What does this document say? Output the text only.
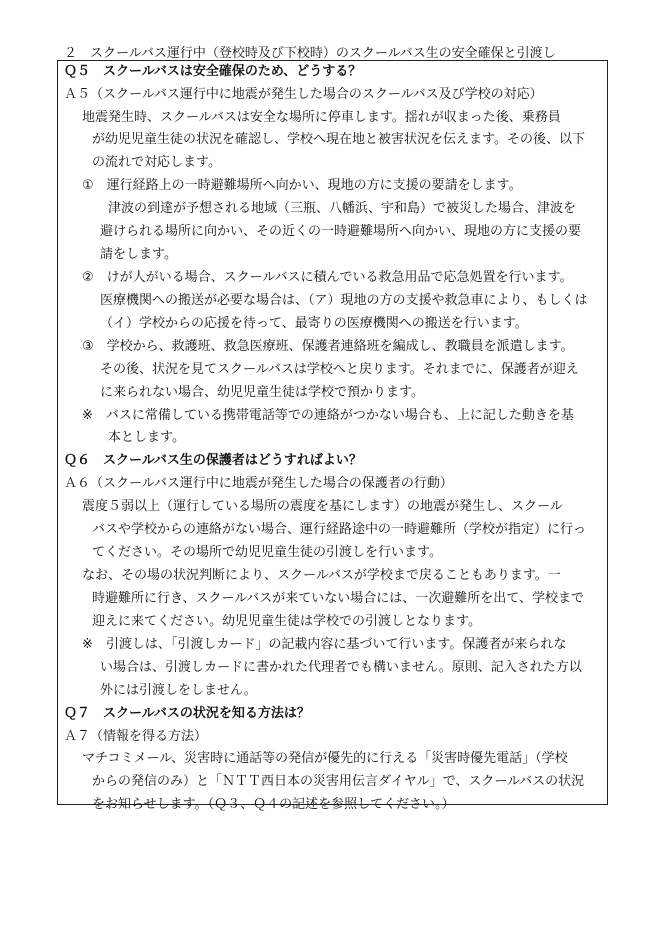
２　スクールバス運行中（登校時及び下校時）のスクールバス生の安全確保と引渡し
Ｑ５　スクールバスは安全確保のため、どうする？
Ａ５（スクールバス運行中に地震が発生した場合のスクールバス及び学校の対応）
地震発生時、スクールバスは安全な場所に停車します。揺れが収まった後、乗務員
が幼児児童生徒の状況を確認し、学校へ現在地と被害状況を伝えます。その後、以下
の流れで対応します。
①　運行経路上の一時避難場所へ向かい、現地の方に支援の要請をします。
津波の到達が予想される地域（三瓶、八幡浜、宇和島）で被災した場合、津波を
避けられる場所に向かい、その近くの一時避難場所へ向かい、現地の方に支援の要
請をします。
②　けが人がいる場合、スクールバスに積んでいる救急用品で応急処置を行います。
医療機関への搬送が必要な場合は、（ア）現地の方の支援や救急車により、もしくは
（イ）学校からの応援を待って、最寄りの医療機関への搬送を行います。
③　学校から、救護班、救急医療班、保護者連絡班を編成し、教職員を派遣します。
その後、状況を見てスクールバスは学校へと戻ります。それまでに、保護者が迎え
に来られない場合、幼児児童生徒は学校で預かります。
※　バスに常備している携帯電話等での連絡がつかない場合も、上に記した動きを基
本とします。
Ｑ６　スクールバス生の保護者はどうすればよい？
Ａ６（スクールバス運行中に地震が発生した場合の保護者の行動）
震度５弱以上（運行している場所の震度を基にします）の地震が発生し、スクール
バスや学校からの連絡がない場合、運行経路途中の一時避難所（学校が指定）に行っ
てください。その場所で幼児児童生徒の引渡しを行います。
なお、その場の状況判断により、スクールバスが学校まで戻ることもあります。一
時避難所に行き、スクールバスが来ていない場合には、一次避難所を出て、学校まで
迎えに来てください。幼児児童生徒は学校での引渡しとなります。
※　引渡しは、「引渡しカード」の記載内容に基づいて行います。保護者が来られな
い場合は、引渡しカードに書かれた代理者でも構いません。原則、記入された方以
外には引渡しをしません。
Ｑ７　スクールバスの状況を知る方法は？
Ａ７（情報を得る方法）
マチコミメール、災害時に通話等の発信が優先的に行える「災害時優先電話」（学校
からの発信のみ）と「ＮＴＴ西日本の災害用伝言ダイヤル」で、スクールバスの状況
をお知らせします。（Ｑ３、Ｑ４の記述を参照してください。）
